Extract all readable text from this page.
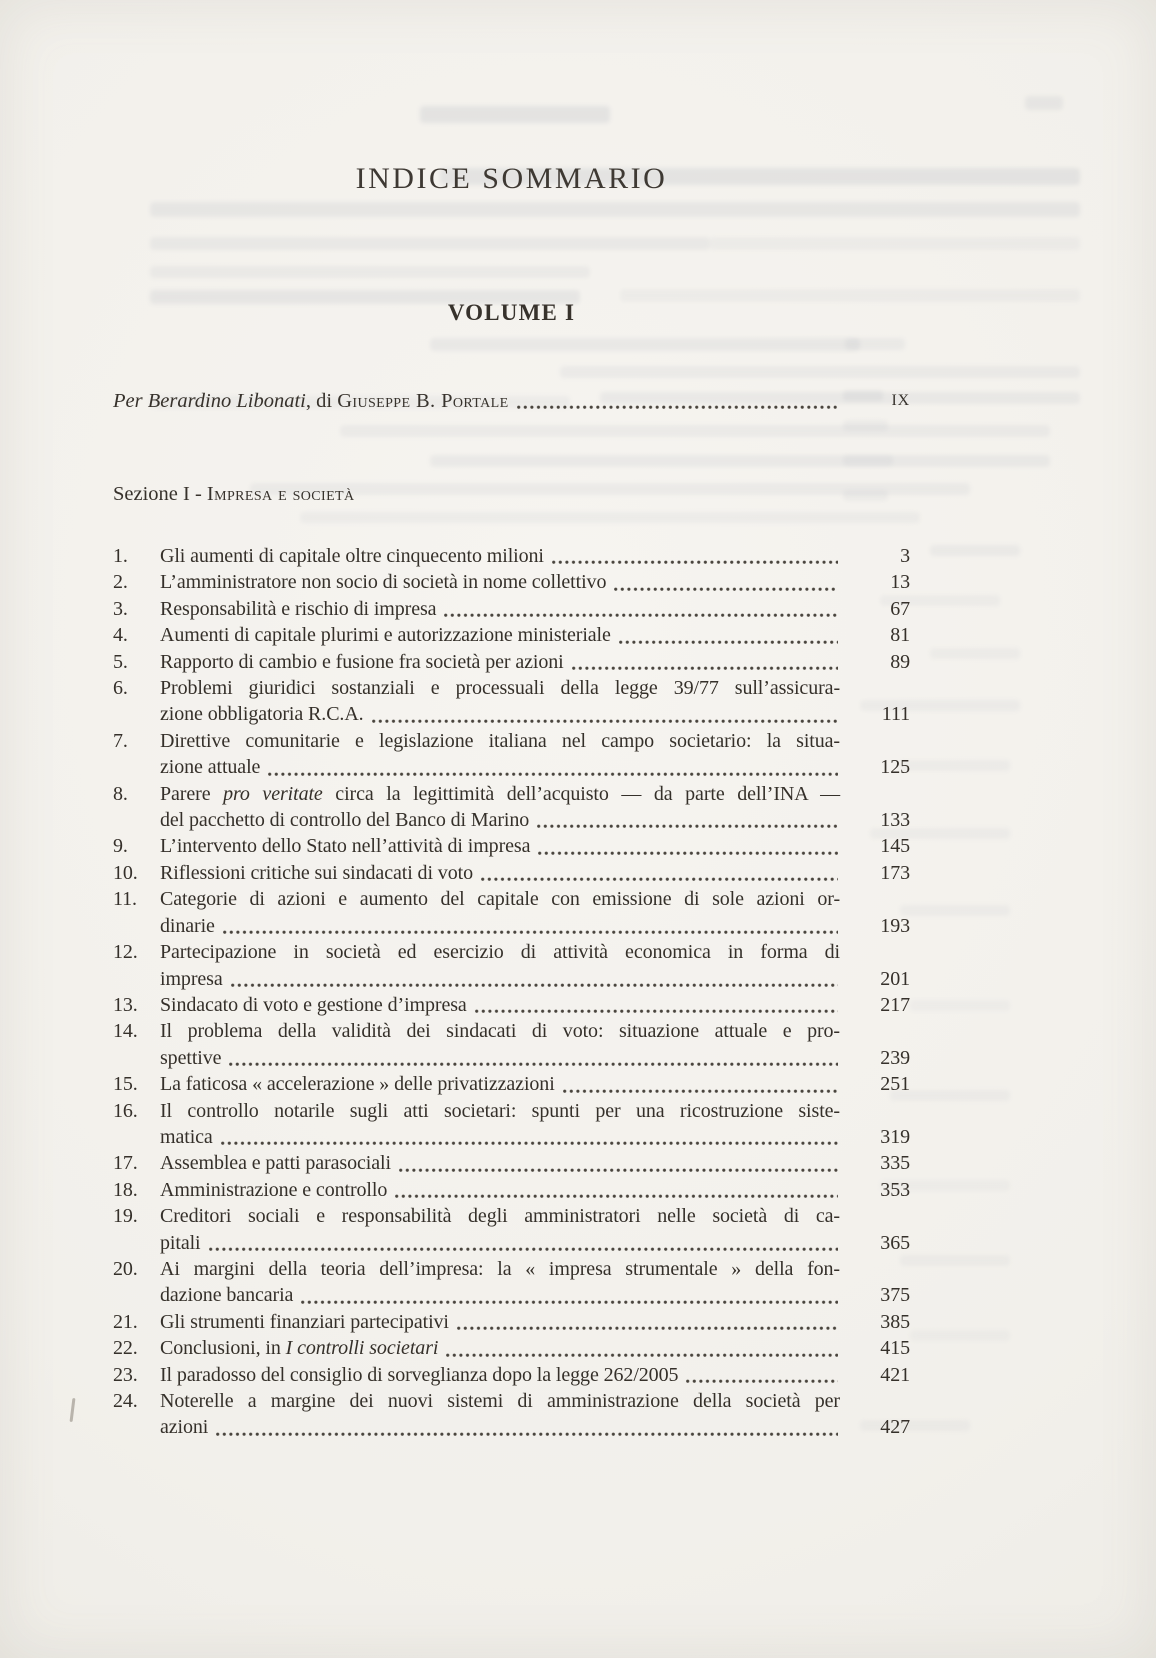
INDICE SOMMARIO
VOLUME I
Per Berardino Libonati, di Giuseppe B. Portale	IX
Sezione I - Impresa e società
1.	Gli aumenti di capitale oltre cinquecento milioni	3
2.	L’amministratore non socio di società in nome collettivo	13
3.	Responsabilità e rischio di impresa	67
4.	Aumenti di capitale plurimi e autorizzazione ministeriale	81
5.	Rapporto di cambio e fusione fra società per azioni	89
6.	Problemi giuridici sostanziali e processuali della legge 39/77 sull’assicura-
zione obbligatoria R.C.A.	111
7.	Direttive comunitarie e legislazione italiana nel campo societario: la situa-
zione attuale	125
8.	Parere pro veritate circa la legittimità dell’acquisto — da parte dell’INA —
del pacchetto di controllo del Banco di Marino	133
9.	L’intervento dello Stato nell’attività di impresa	145
10.	Riflessioni critiche sui sindacati di voto	173
11.	Categorie di azioni e aumento del capitale con emissione di sole azioni or-
dinarie	193
12.	Partecipazione in società ed esercizio di attività economica in forma di
impresa	201
13.	Sindacato di voto e gestione d’impresa	217
14.	Il problema della validità dei sindacati di voto: situazione attuale e pro-
spettive	239
15.	La faticosa « accelerazione » delle privatizzazioni	251
16.	Il controllo notarile sugli atti societari: spunti per una ricostruzione siste-
matica	319
17.	Assemblea e patti parasociali	335
18.	Amministrazione e controllo	353
19.	Creditori sociali e responsabilità degli amministratori nelle società di ca-
pitali	365
20.	Ai margini della teoria dell’impresa: la « impresa strumentale » della fon-
dazione bancaria	375
21.	Gli strumenti finanziari partecipativi	385
22.	Conclusioni, in I controlli societari	415
23.	Il paradosso del consiglio di sorveglianza dopo la legge 262/2005	421
24.	Noterelle a margine dei nuovi sistemi di amministrazione della società per
azioni	427
